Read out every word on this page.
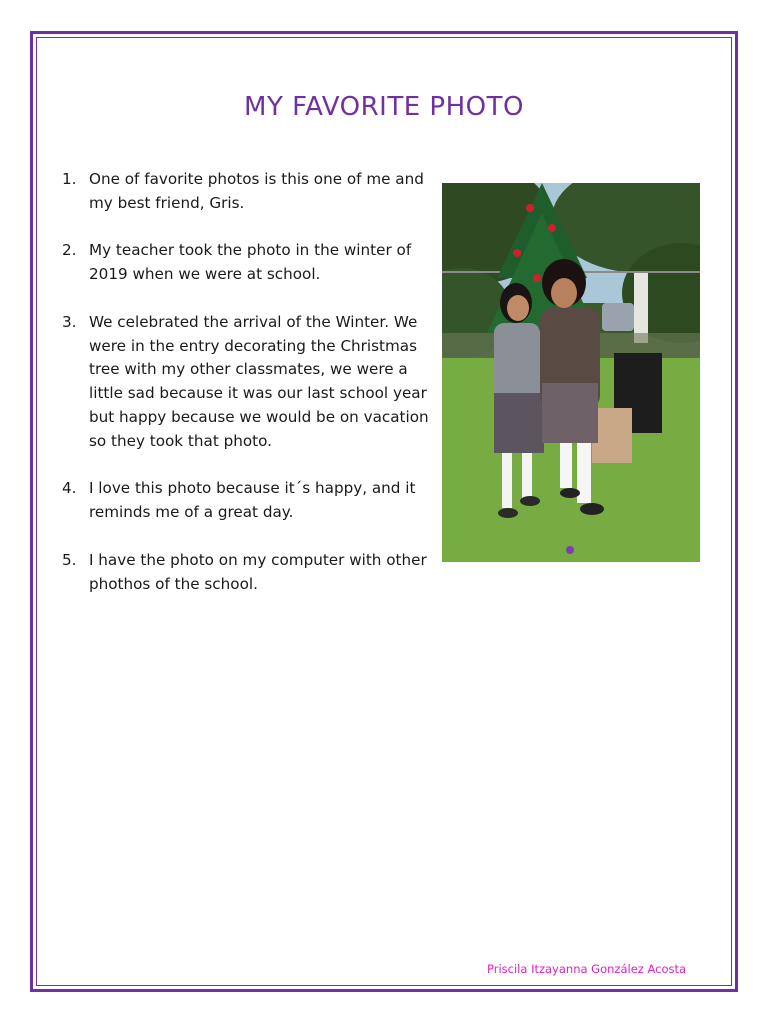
MY FAVORITE PHOTO
1. One of favorite photos is this one of me and my best friend, Gris.
2. My teacher took the photo in the winter of 2019 when we were at school.
3. We celebrated the arrival of the Winter. We were in the entry decorating the Christmas tree with my other classmates, we were a little sad because it was our last school year but happy because we would be on vacation so they took that photo.
4. I love this photo because it´s happy, and it reminds me of a great day.
5. I have the photo on my computer with other phothos of the school.
Priscila Itzayanna González Acosta
